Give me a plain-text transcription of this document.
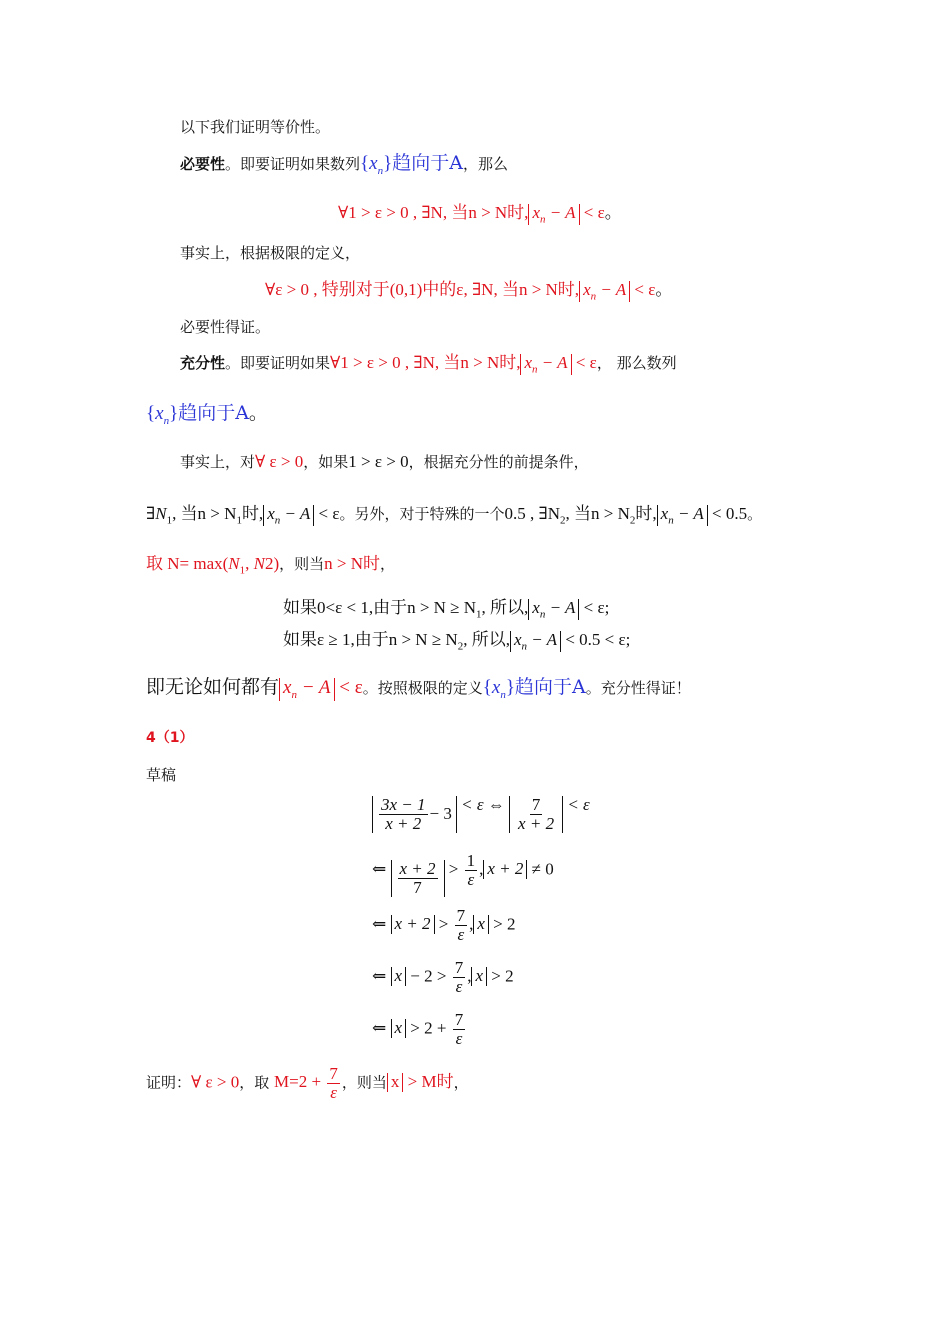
以下我们证明等价性。
必要性。即要证明如果数列$\{x_n\}$趋向于A，那么
∀1 > ε > 0 , ∃N, 当n > N时, $x_n - A < \varepsilon$。
事实上，根据极限的定义，
∀ε > 0 , 特别对于(0,1)中的ε, ∃N, 当n > N时, $x_n - A < \varepsilon$。
必要性得证。
充分性。即要证明如果∀1 > ε > 0 , ∃N, 当n > N时, $x_n - A < \varepsilon$， 那么数列
$\{x_n\}$趋向于A。
事实上，对∀ ε > 0，如果1 > ε > 0，根据充分性的前提条件，
$\exists N_1$, 当$n > N_1$时, $x_n - A < \varepsilon$。另外，对于特殊的一个0.5 , $\exists N_2$, 当$n > N_2$时, $x_n - A < 0.5$。
取 $N= \max(N_1$, N2)，则当n > N时，
如果0<ε < 1,由于$n > N \ge N_1$, 所以, $x_n - A < \varepsilon$;
如果ε ≥ 1,由于$n > N \ge N_2$, 所以, $x_n - A < 0.5 < \varepsilon$;
即无论如何都有 $x_n - A < \varepsilon$。按照极限的定义$\{x_n\}$趋向于A。充分性得证！
4（1）
草稿
$\frac{3x - 1}{x + 2} - 3 < \varepsilon$ ⇔ $\frac{7}{x + 2} < \varepsilon$
⇐ $\frac{x + 2}{7} > \frac{1}{\varepsilon}$ , x + 2 ≠ 0
⇐ $x + 2 > \frac{7}{\varepsilon}$ , x > 2
⇐ $x - 2 > \frac{7}{\varepsilon}$ , x > 2
⇐ $x > 2 + \frac{7}{\varepsilon}$
证明：∀ ε > 0，取 $M=2 + \frac{7}{\varepsilon}$ ，则当 x > M时，
